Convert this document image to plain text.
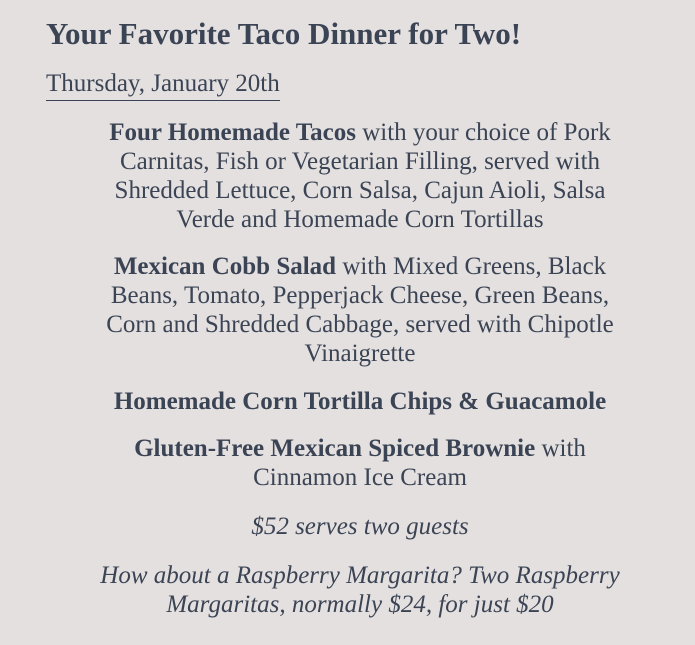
Your Favorite Taco Dinner for Two!
Thursday, January 20th
Four Homemade Tacos with your choice of Pork
Carnitas, Fish or Vegetarian Filling, served with
Shredded Lettuce, Corn Salsa, Cajun Aioli, Salsa
Verde and Homemade Corn Tortillas
Mexican Cobb Salad with Mixed Greens, Black
Beans, Tomato, Pepperjack Cheese, Green Beans,
Corn and Shredded Cabbage, served with Chipotle
Vinaigrette
Homemade Corn Tortilla Chips & Guacamole
Gluten-Free Mexican Spiced Brownie with
Cinnamon Ice Cream
$52 serves two guests
How about a Raspberry Margarita? Two Raspberry
Margaritas, normally $24, for just $20
